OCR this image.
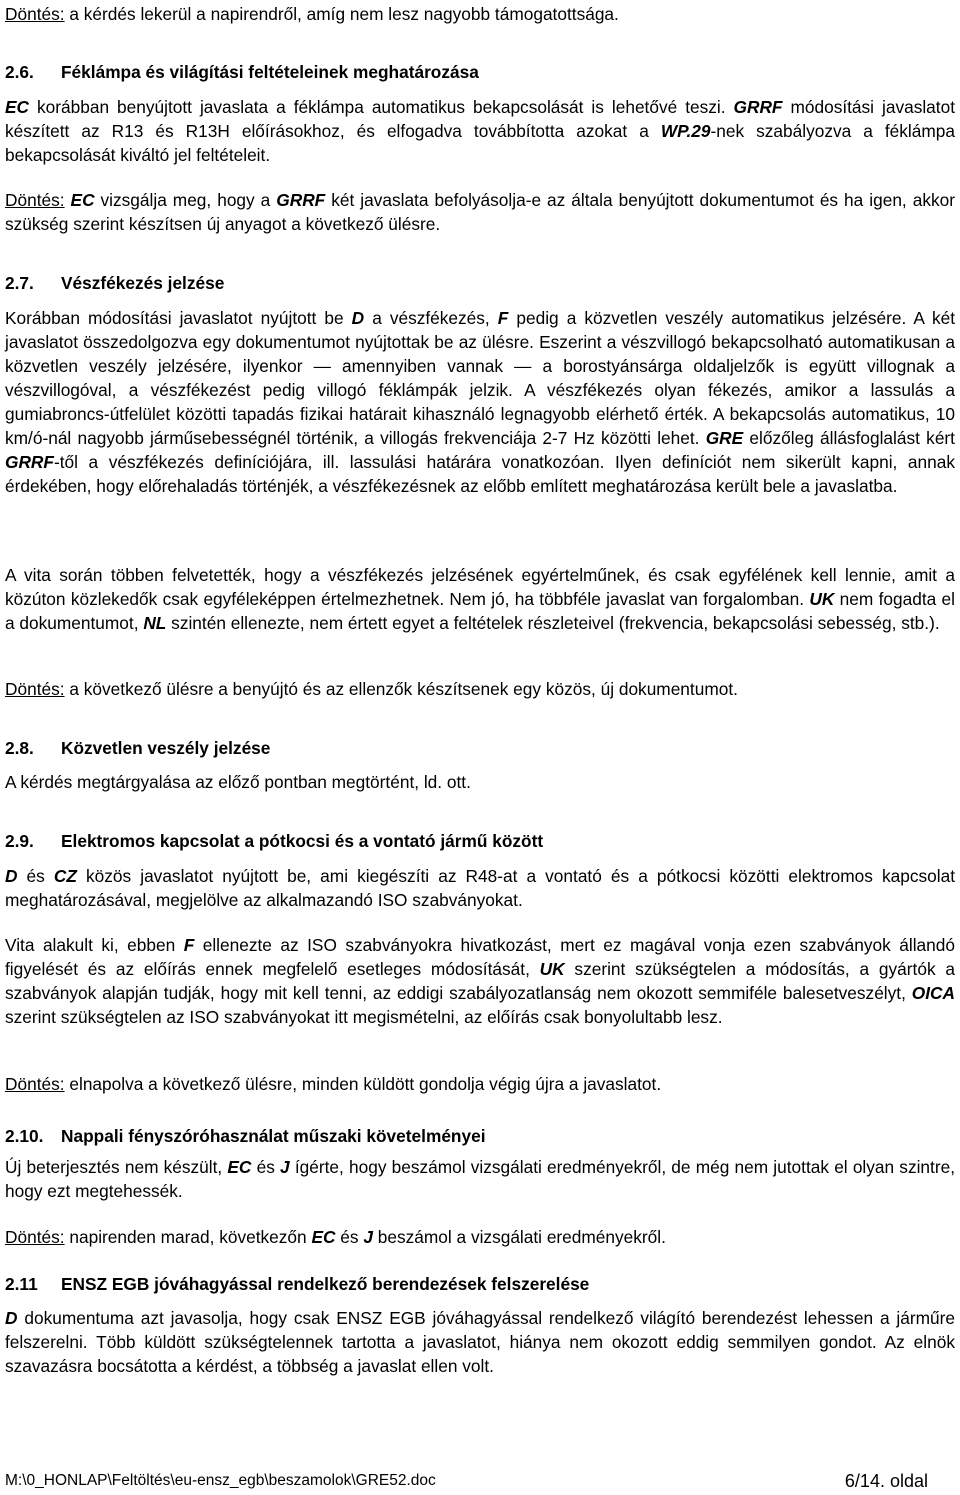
Döntés: a kérdés lekerül a napirendről, amíg nem lesz nagyobb támogatottsága.

2.6. Féklámpa és világítási feltételeinek meghatározása

EC korábban benyújtott javaslata a féklámpa automatikus bekapcsolását is lehetővé teszi. GRRF módosítási javaslatot készített az R13 és R13H előírásokhoz, és elfogadva továbbította azokat a WP.29-nek szabályozva a féklámpa bekapcsolását kiváltó jel feltételeit.

Döntés: EC vizsgálja meg, hogy a GRRF két javaslata befolyásolja-e az általa benyújtott dokumentumot és ha igen, akkor szükség szerint készítsen új anyagot a következő ülésre.

2.7. Vészfékezés jelzése

Korábban módosítási javaslatot nyújtott be D a vészfékezés, F pedig a közvetlen veszély automatikus jelzésére. A két javaslatot összedolgozva egy dokumentumot nyújtottak be az ülésre. Eszerint a vészvillogó bekapcsolható automatikusan a közvetlen veszély jelzésére, ilyenkor — amennyiben vannak — a borostyánsárga oldaljelzők is együtt villognak a vészvillogóval, a vészfékezést pedig villogó féklámpák jelzik. A vészfékezés olyan fékezés, amikor a lassulás a gumiabroncs-útfelület közötti tapadás fizikai határait kihasználó legnagyobb elérhető érték. A bekapcsolás automatikus, 10 km/ó-nál nagyobb járműsebességnél történik, a villogás frekvenciája 2-7 Hz közötti lehet. GRE előzőleg állásfoglalást kért GRRF-től a vészfékezés definíciójára, ill. lassulási határára vonatkozóan. Ilyen definíciót nem sikerült kapni, annak érdekében, hogy előrehaladás történjék, a vészfékezésnek az előbb említett meghatározása került bele a javaslatba.

A vita során többen felvetették, hogy a vészfékezés jelzésének egyértelműnek, és csak egyfélének kell lennie, amit a közúton közlekedők csak egyféleképpen értelmezhetnek. Nem jó, ha többféle javaslat van forgalomban. UK nem fogadta el a dokumentumot, NL szintén ellenezte, nem értett egyet a feltételek részleteivel (frekvencia, bekapcsolási sebesség, stb.).

Döntés: a következő ülésre a benyújtó és az ellenzők készítsenek egy közös, új dokumentumot.

2.8. Közvetlen veszély jelzése

A kérdés megtárgyalása az előző pontban megtörtént, ld. ott.

2.9. Elektromos kapcsolat a pótkocsi és a vontató jármű között

D és CZ közös javaslatot nyújtott be, ami kiegészíti az R48-at a vontató és a pótkocsi közötti elektromos kapcsolat meghatározásával, megjelölve az alkalmazandó ISO szabványokat.

Vita alakult ki, ebben F ellenezte az ISO szabványokra hivatkozást, mert ez magával vonja ezen szabványok állandó figyelését és az előírás ennek megfelelő esetleges módosítását, UK szerint szükségtelen a módosítás, a gyártók a szabványok alapján tudják, hogy mit kell tenni, az eddigi szabályozatlanság nem okozott semmiféle balesetveszélyt, OICA szerint szükségtelen az ISO szabványokat itt megismételni, az előírás csak bonyolultabb lesz.

Döntés: elnapolva a következő ülésre, minden küldött gondolja végig újra a javaslatot.

2.10. Nappali fényszóróhasználat műszaki követelményei

Új beterjesztés nem készült, EC és J ígérte, hogy beszámol vizsgálati eredményekről, de még nem jutottak el olyan szintre, hogy ezt megtehessék.

Döntés: napirenden marad, következőn EC és J beszámol a vizsgálati eredményekről.

2.11 ENSZ EGB jóváhagyással rendelkező berendezések felszerelése

D dokumentuma azt javasolja, hogy csak ENSZ EGB jóváhagyással rendelkező világító berendezést lehessen a járműre felszerelni. Több küldött szükségtelennek tartotta a javaslatot, hiánya nem okozott eddig semmilyen gondot. Az elnök szavazásra bocsátotta a kérdést, a többség a javaslat ellen volt.

M:\0_HONLAP\Feltöltés\eu-ensz_egb\beszamolok\GRE52.doc	6/14. oldal
